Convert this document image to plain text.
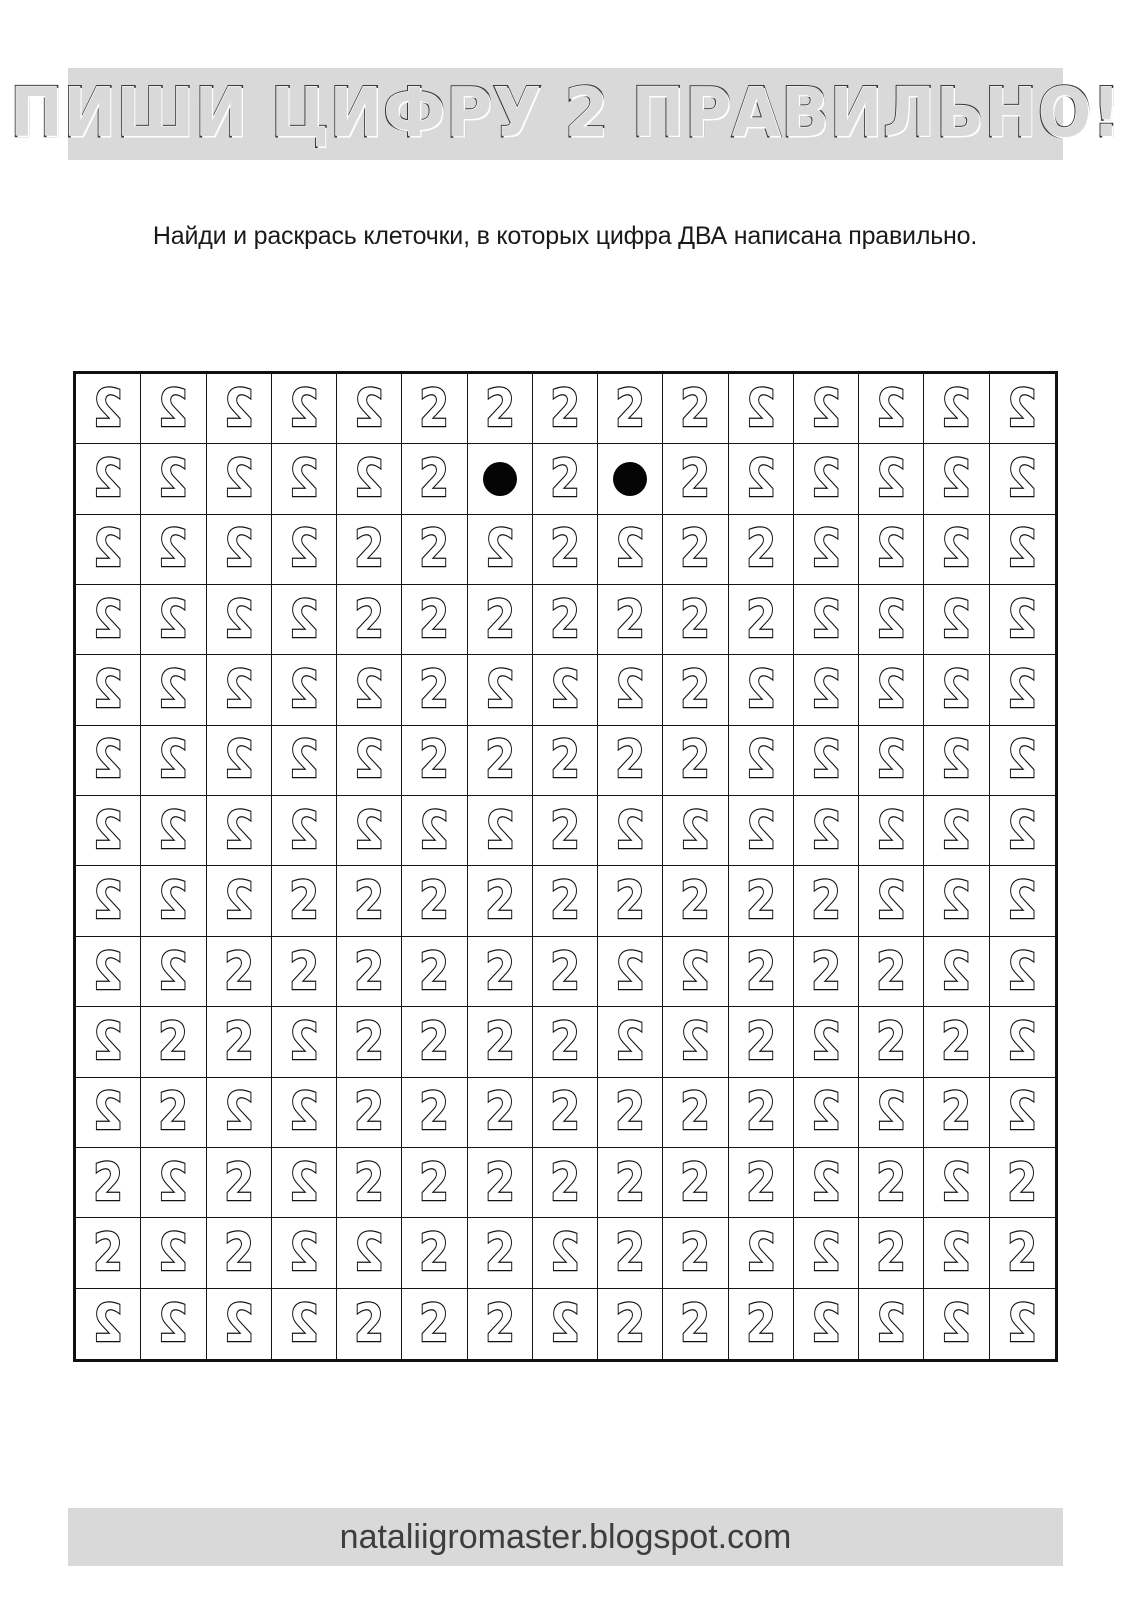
ПИШИ ЦИФРУ 2 ПРАВИЛЬНО!
Найди и раскрась клеточки, в которых цифра ДВА написана правильно.
2 2 2 2 2 2 2 2 2 2 2 2 2 2 2
2 2 2 2 2 2 2 2 2 2 2 2 2
2 2 2 2 2 2 2 2 2 2 2 2 2 2 2
2 2 2 2 2 2 2 2 2 2 2 2 2 2 2
2 2 2 2 2 2 2 2 2 2 2 2 2 2 2
2 2 2 2 2 2 2 2 2 2 2 2 2 2 2
2 2 2 2 2 2 2 2 2 2 2 2 2 2 2
2 2 2 2 2 2 2 2 2 2 2 2 2 2 2
2 2 2 2 2 2 2 2 2 2 2 2 2 2 2
2 2 2 2 2 2 2 2 2 2 2 2 2 2 2
2 2 2 2 2 2 2 2 2 2 2 2 2 2 2
2 2 2 2 2 2 2 2 2 2 2 2 2 2 2
2 2 2 2 2 2 2 2 2 2 2 2 2 2 2
2 2 2 2 2 2 2 2 2 2 2 2 2 2 2
nataliigromaster.blogspot.com
